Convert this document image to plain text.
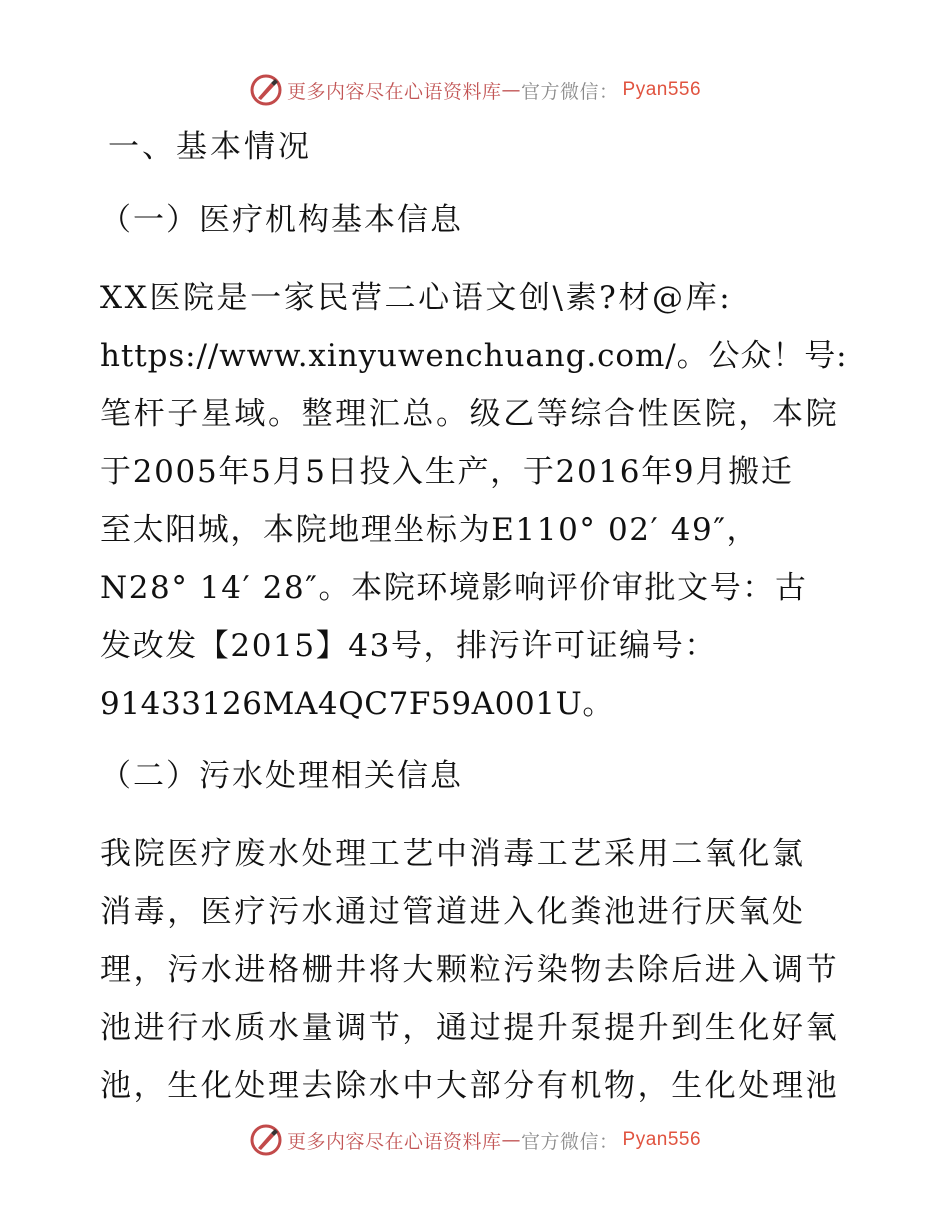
更多内容尽在心语资料库 — 官方微信 ： Pyan556
一、基本情况
（一）医疗机构基本信息
XX医院是一家民营二心语文创\素?材@库:
https://www.xinyuwenchuang.com/。公众！号:
笔杆子星域。整理汇总。级乙等综合性医院，本院
于2005年5月5日投入生产，于2016年9月搬迁
至太阳城，本院地理坐标为E110° 02′ 49″，
N28° 14′ 28″。本院环境影响评价审批文号：古
发改发【2015】43号，排污许可证编号：
91433126MA4QC7F59A001U。
（二）污水处理相关信息
我院医疗废水处理工艺中消毒工艺采用二氧化氯
消毒，医疗污水通过管道进入化粪池进行厌氧处
理，污水进格栅井将大颗粒污染物去除后进入调节
池进行水质水量调节，通过提升泵提升到生化好氧
池，生化处理去除水中大部分有机物，生化处理池
更多内容尽在心语资料库 — 官方微信 ： Pyan556
